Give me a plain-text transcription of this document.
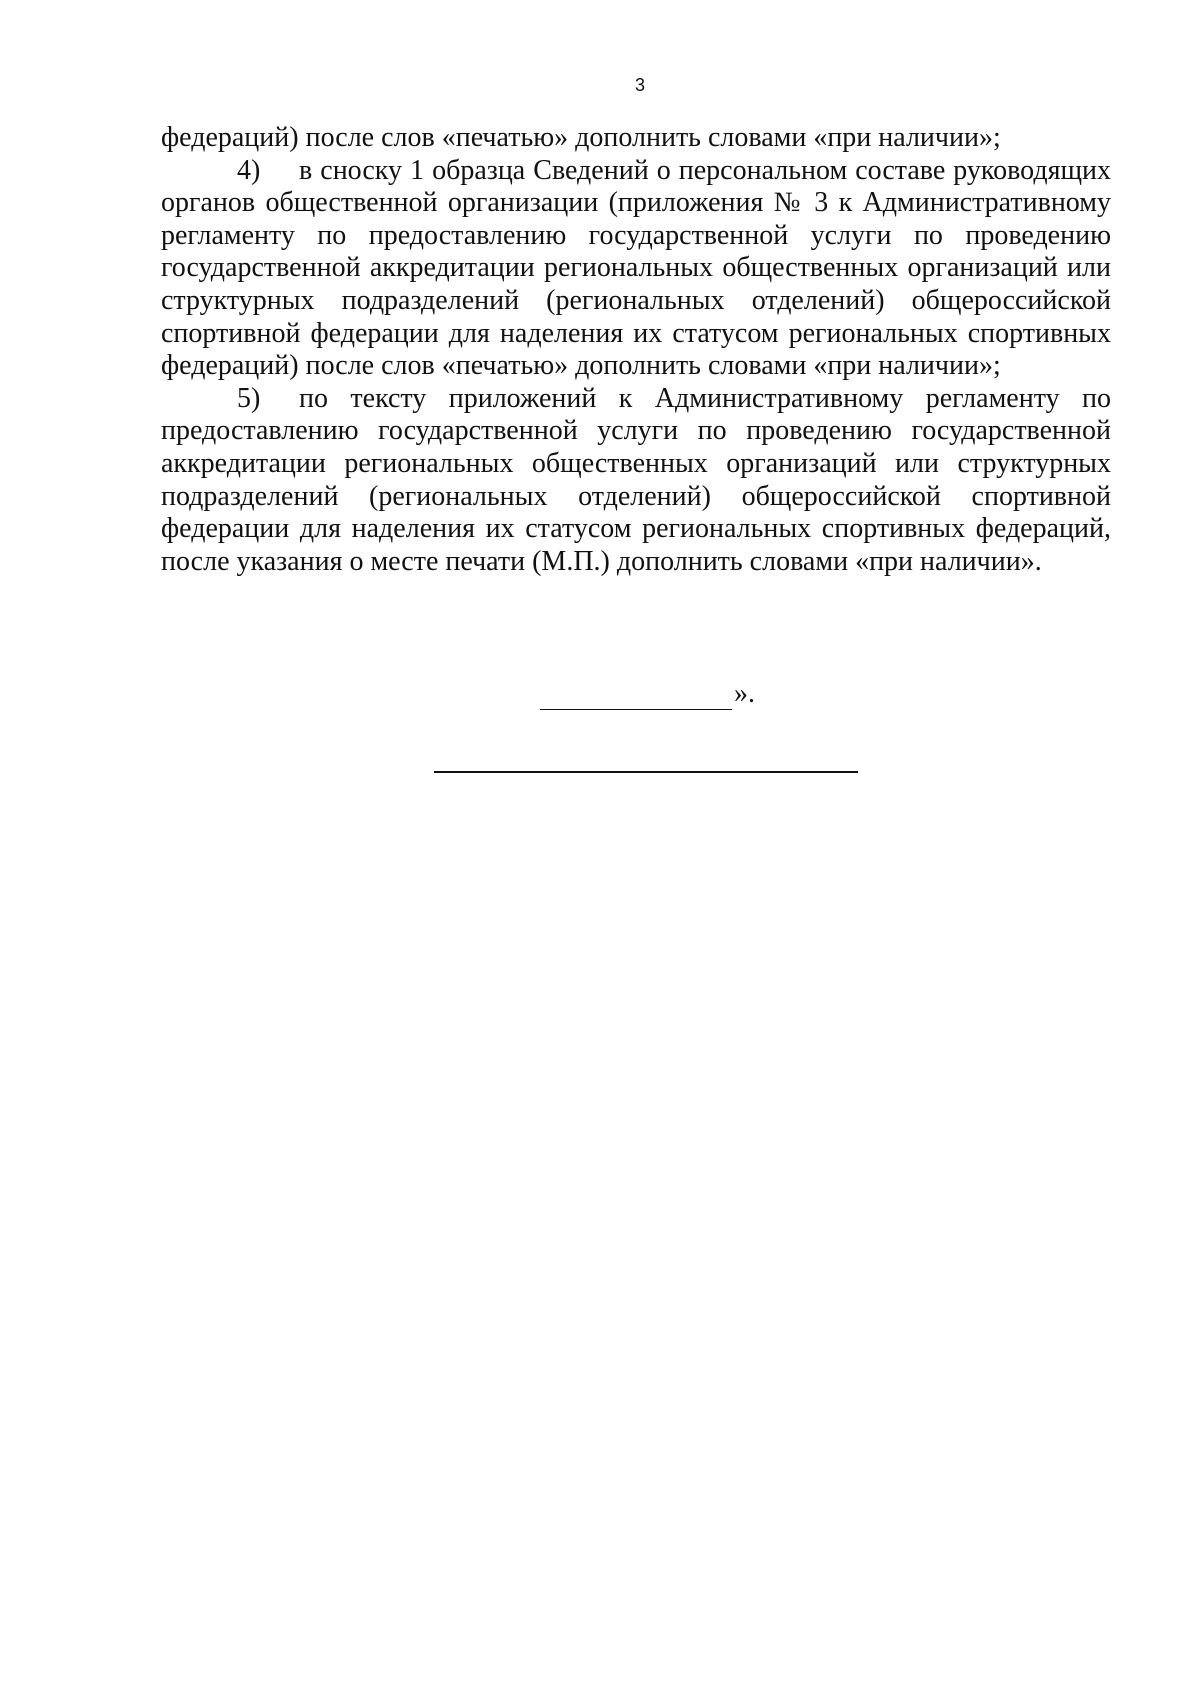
3

федераций) после слов «печатью» дополнить словами «при наличии»;

4) в сноску 1 образца Сведений о персональном составе руководящих органов общественной организации (приложения № 3 к Административному регламенту по предоставлению государственной услуги по проведению государственной аккредитации региональных общественных организаций или структурных подразделений (региональных отделений) общероссийской спортивной федерации для наделения их статусом региональных спортивных федераций) после слов «печатью» дополнить словами «при наличии»;

5) по тексту приложений к Административному регламенту по предоставлению государственной услуги по проведению государственной аккредитации региональных общественных организаций или структурных подразделений (региональных отделений) общероссийской спортивной федерации для наделения их статусом региональных спортивных федераций, после указания о месте печати (М.П.) дополнить словами «при наличии».

».
